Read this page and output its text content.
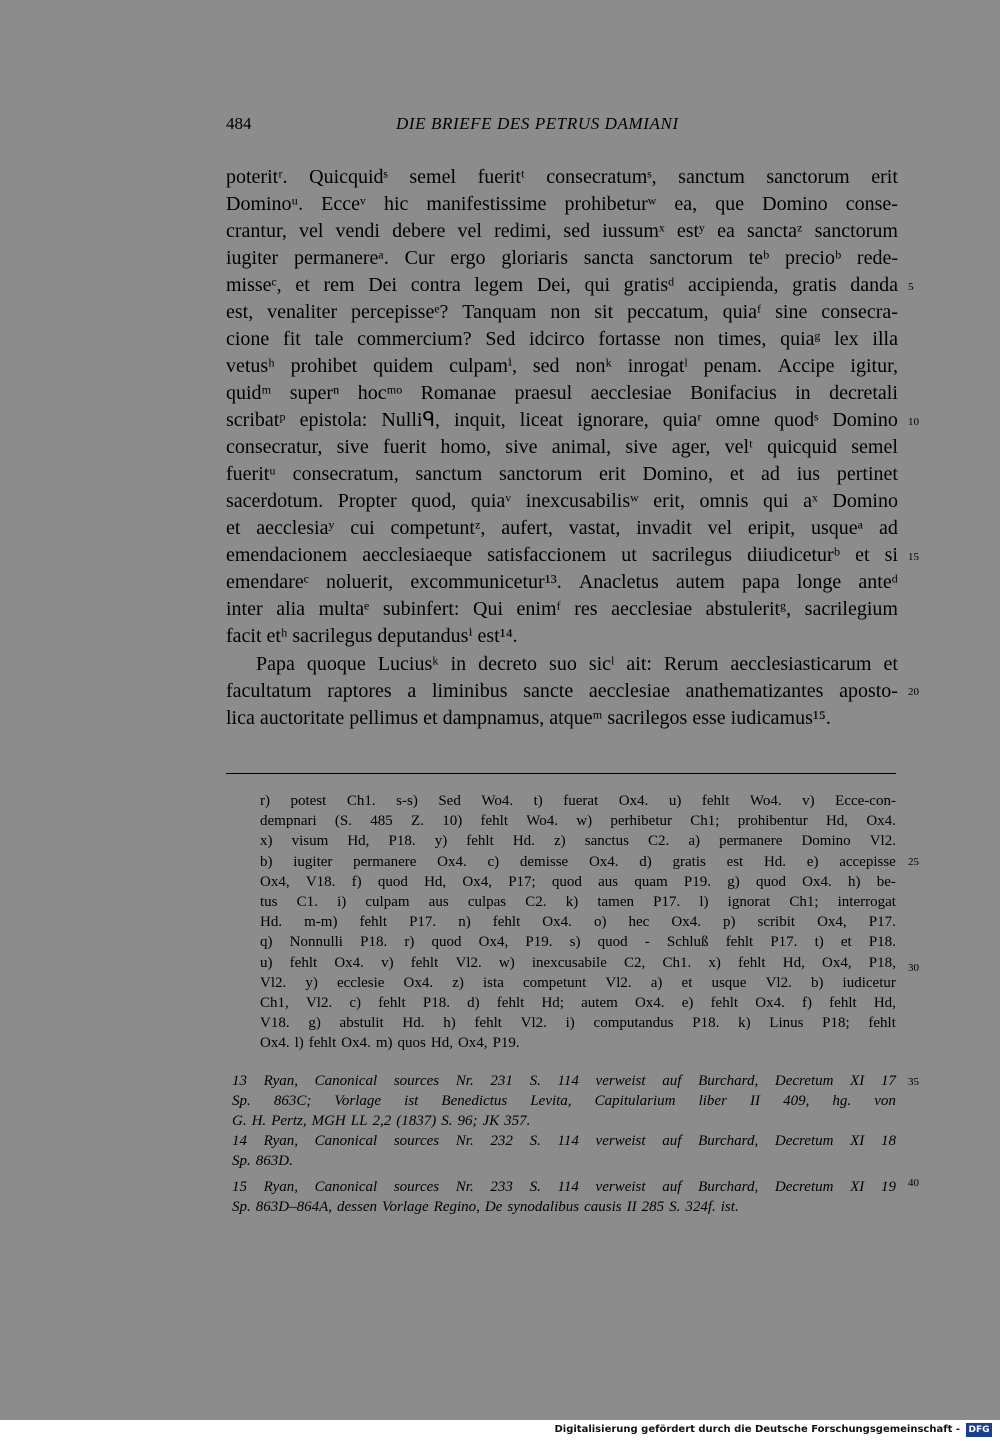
484	DIE BRIEFE DES PETRUS DAMIANI
poteritʳ. Quicquidˢ semel fueritᵗ consecratumˢ, sanctum sanctorum erit
Dominoᵘ. Ecceᵛ hic manifestissime prohibeturʷ ea, que Domino conse-
crantur, vel vendi debere vel redimi, sed iussumˣ estʸ ea sanctaᶻ sanctorum
iugiter permanereᵃ. Cur ergo gloriaris sancta sanctorum teᵇ precioᵇ rede-
misseᶜ, et rem Dei contra legem Dei, qui gratisᵈ accipienda, gratis danda
est, venaliter percepisseᵉ? Tanquam non sit peccatum, quiaᶠ sine consecra-
cione fit tale commercium? Sed idcirco fortasse non times, quiaᵍ lex illa
vetusʰ prohibet quidem culpamⁱ, sed nonᵏ inrogatˡ penam. Accipe igitur,
quidᵐ superⁿ hocᵐᵒ Romanae praesul aecclesiae Bonifacius in decretali
scribatᵖ epistola: Nulliᑫ, inquit, liceat ignorare, quiaʳ omne quodˢ Domino
consecratur, sive fuerit homo, sive animal, sive ager, velᵗ quicquid semel
fueritᵘ consecratum, sanctum sanctorum erit Domino, et ad ius pertinet
sacerdotum. Propter quod, quiaᵛ inexcusabilisʷ erit, omnis qui aˣ Domino
et aecclesiaʸ cui competuntᶻ, aufert, vastat, invadit vel eripit, usqueᵃ ad
emendacionem aecclesiaeque satisfaccionem ut sacrilegus diiudiceturᵇ et si
emendareᶜ noluerit, excommunicetur¹³. Anacletus autem papa longe anteᵈ
inter alia multaᵉ subinfert: Qui enimᶠ res aecclesiae abstuleritᵍ, sacrilegium
facit etʰ sacrilegus deputandusⁱ est¹⁴.
Papa quoque Luciusᵏ in decreto suo sicˡ ait: Rerum aecclesiasticarum et
facultatum raptores a liminibus sancte aecclesiae anathematizantes aposto-
lica auctoritate pellimus et dampnamus, atqueᵐ sacrilegos esse iudicamus¹⁵.
r) potest Ch1. s-s) Sed Wo4. t) fuerat Ox4. u) fehlt Wo4. v) Ecce-con-
dempnari (S. 485 Z. 10) fehlt Wo4. w) perhibetur Ch1; prohibentur Hd, Ox4.
x) visum Hd, P18. y) fehlt Hd. z) sanctus C2. a) permanere Domino Vl2.
b) iugiter permanere Ox4. c) demisse Ox4. d) gratis est Hd. e) accepisse
Ox4, V18. f) quod Hd, Ox4, P17; quod aus quam P19. g) quod Ox4. h) be-
tus C1. i) culpam aus culpas C2. k) tamen P17. l) ignorat Ch1; interrogat
Hd. m-m) fehlt P17. n) fehlt Ox4. o) hec Ox4. p) scribit Ox4, P17.
q) Nonnulli P18. r) quod Ox4, P19. s) quod - Schluß fehlt P17. t) et P18.
u) fehlt Ox4. v) fehlt Vl2. w) inexcusabile C2, Ch1. x) fehlt Hd, Ox4, P18,
Vl2. y) ecclesie Ox4. z) ista competunt Vl2. a) et usque Vl2. b) iudicetur
Ch1, Vl2. c) fehlt P18. d) fehlt Hd; autem Ox4. e) fehlt Ox4. f) fehlt Hd,
V18. g) abstulit Hd. h) fehlt Vl2. i) computandus P18. k) Linus P18; fehlt
Ox4. l) fehlt Ox4. m) quos Hd, Ox4, P19.
13 Ryan, Canonical sources Nr. 231 S. 114 verweist auf Burchard, Decretum XI 17
Sp. 863C; Vorlage ist Benedictus Levita, Capitularium liber II 409, hg. von
G. H. Pertz, MGH LL 2,2 (1837) S. 96; JK 357.
14 Ryan, Canonical sources Nr. 232 S. 114 verweist auf Burchard, Decretum XI 18
Sp. 863D.
15 Ryan, Canonical sources Nr. 233 S. 114 verweist auf Burchard, Decretum XI 19
Sp. 863D–864A, dessen Vorlage Regino, De synodalibus causis II 285 S. 324f. ist.
5
10
15
20
25
30
35
40
Digitalisierung gefördert durch die Deutsche Forschungsgemeinschaft - DFG
